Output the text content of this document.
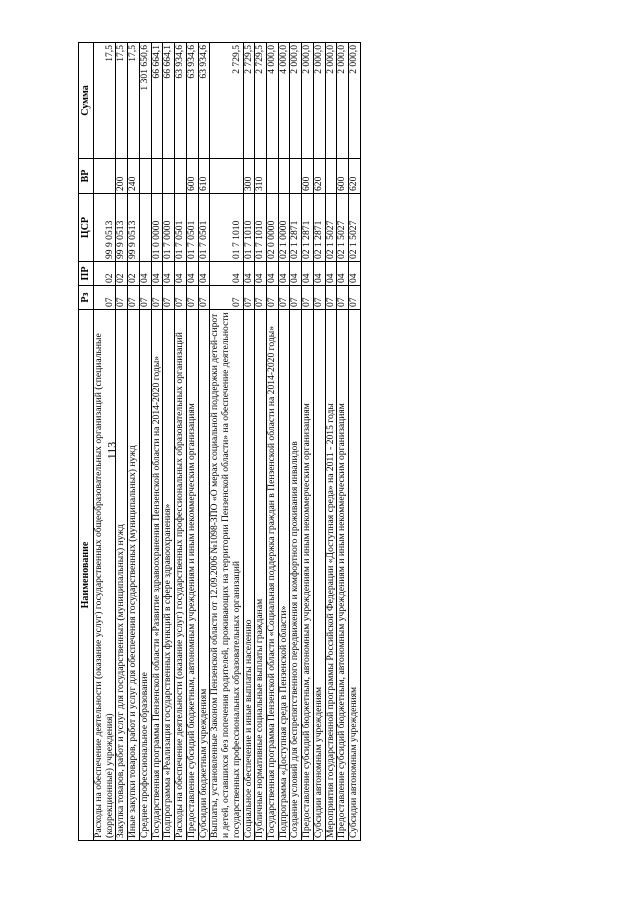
113
Наименование	Рз	ПР	ЦСР	ВР	Сумма
Расходы на обеспечение деятельности (оказание услуг) государственных общеобразовательных организаций (специальные (коррекционные) учреждения)	07	02	99 9 0513		17,5
Закупка товаров, работ и услуг для государственных (муниципальных) нужд	07	02	99 9 0513	200	17,5
Иные закупки товаров, работ и услуг для обеспечения государственных (муниципальных) нужд	07	02	99 9 0513	240	17,5
Среднее профессиональное образование	07	04			1 301 650,6
Государственная программа Пензенской области «Развитие здравоохранения Пензенской области на 2014-2020 годы»	07	04	01 0 0000		66 664,1
Подпрограмма «Реализация государственных функций в сфере здравоохранения»	07	04	01 7 0000		66 664,1
Расходы на обеспечение деятельности (оказание услуг) государственных профессиональных образовательных организаций	07	04	01 7 0501		63 934,6
Предоставление субсидий бюджетным, автономным учреждениям и иным некоммерческим организациям	07	04	01 7 0501	600	63 934,6
Субсидии бюджетным учреждениям	07	04	01 7 0501	610	63 934,6
Выплаты, установленные Законом Пензенской области от 12.09.2006 №1098-ЗПО «О мерах социальной поддержки детей-сирот и детей, оставшихся без попечения родителей, проживающих на территории Пензенской области» на обеспечение деятельности государственных профессиональных образовательных организаций	07	04	01 7 1010		2 729,5
Социальное обеспечение и иные выплаты населению	07	04	01 7 1010	300	2 729,5
Публичные нормативные социальные выплаты гражданам	07	04	01 7 1010	310	2 729,5
Государственная программа Пензенской области «Социальная поддержка граждан в Пензенской области на 2014-2020 годы»	07	04	02 0 0000		4 000,0
Подпрограмма «Доступная среда в Пензенской области»	07	04	02 1 0000		4 000,0
Создание условий для беспрепятственного передвижения и комфортного проживания инвалидов	07	04	02 1 2871		2 000,0
Предоставление субсидий бюджетным, автономным учреждениям и иным некоммерческим организациям	07	04	02 1 2871	600	2 000,0
Субсидии автономным учреждениям	07	04	02 1 2871	620	2 000,0
Мероприятия государственной программы Российской Федерации «Доступная среда» на 2011 - 2015 годы	07	04	02 1 5027		2 000,0
Предоставление субсидий бюджетным, автономным учреждениям и иным некоммерческим организациям	07	04	02 1 5027	600	2 000,0
Субсидии автономным учреждениям	07	04	02 1 5027	620	2 000,0
